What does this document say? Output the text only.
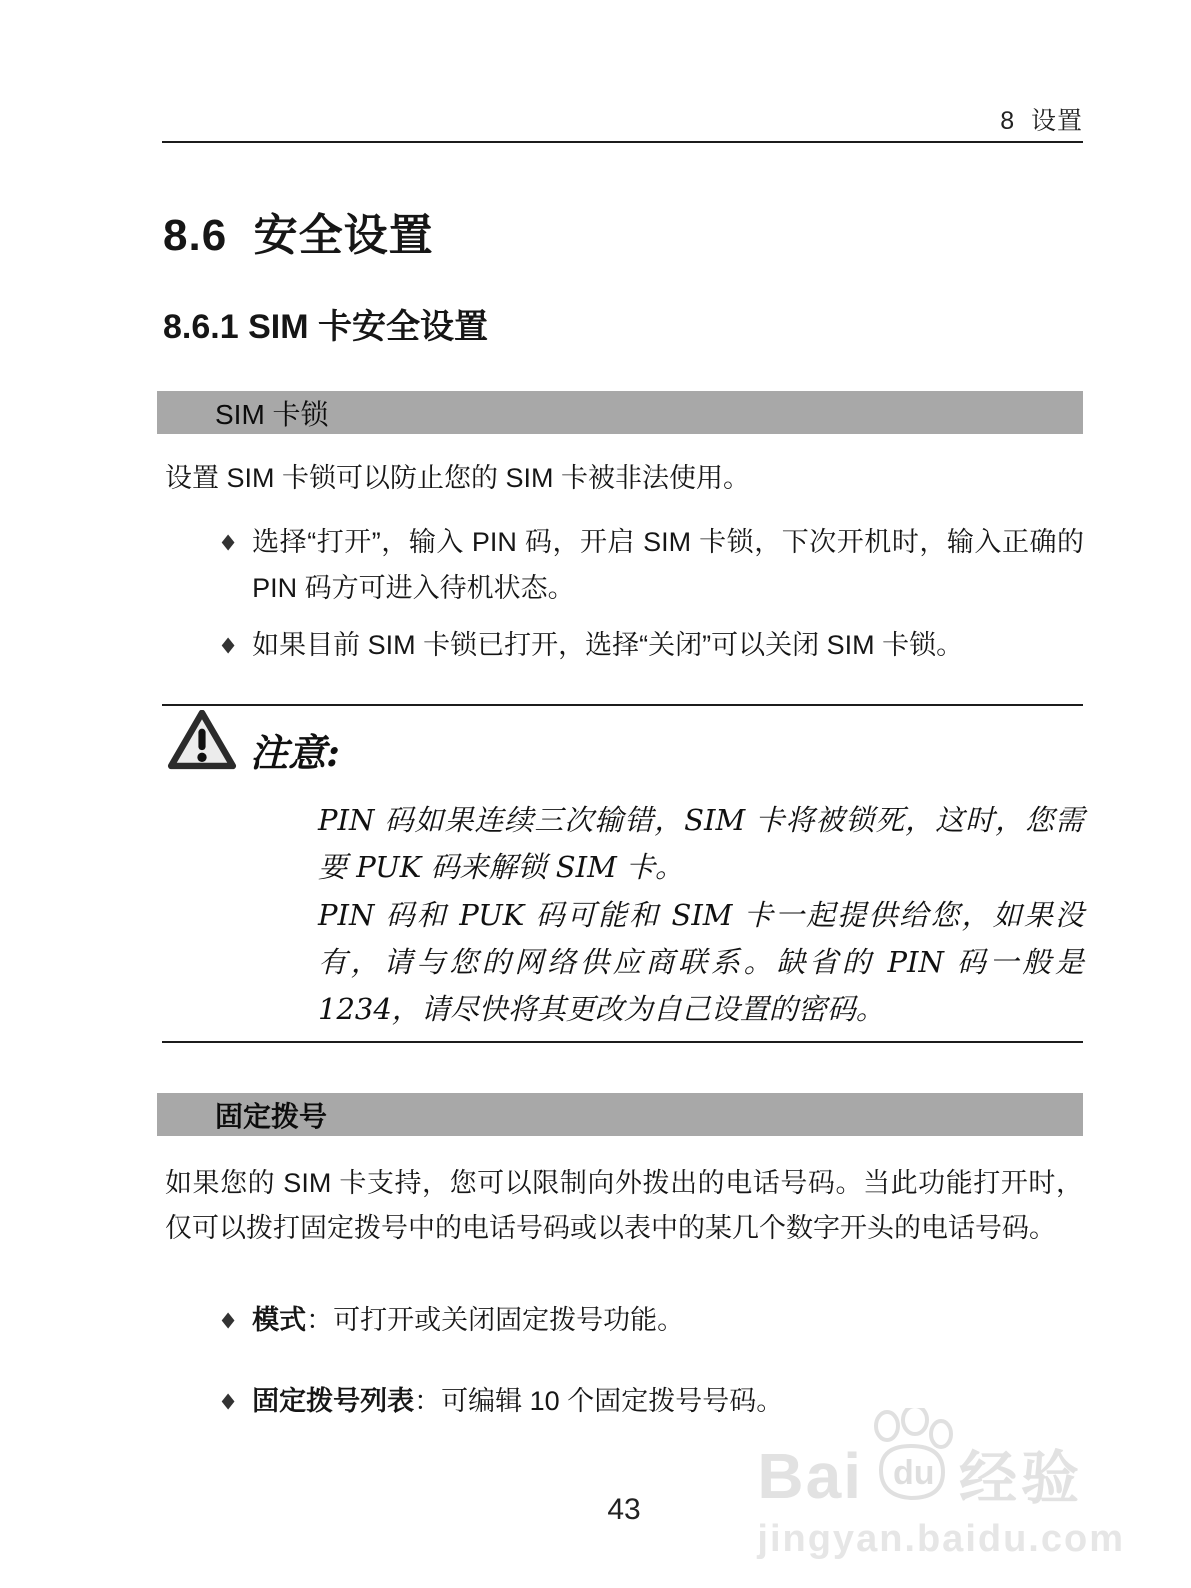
8  设置
8.6  安全设置
8.6.1 SIM 卡安全设置
SIM 卡锁
设置 SIM 卡锁可以防止您的 SIM 卡被非法使用。
◆ 选择“打开”，输入 PIN 码，开启 SIM 卡锁，下次开机时，输入正确的 PIN 码方可进入待机状态。
◆ 如果目前 SIM 卡锁已打开，选择“关闭”可以关闭 SIM 卡锁。
注意:
PIN 码如果连续三次输错，SIM 卡将被锁死，这时，您需要 PUK 码来解锁 SIM 卡。
PIN 码和 PUK 码可能和 SIM 卡一起提供给您，如果没有，请与您的网络供应商联系。缺省的 PIN 码一般是 1234，请尽快将其更改为自己设置的密码。
固定拨号
如果您的 SIM 卡支持，您可以限制向外拨出的电话号码。当此功能打开时，仅可以拨打固定拨号中的电话号码或以表中的某几个数字开头的电话号码。
◆ 模式：可打开或关闭固定拨号功能。
◆ 固定拨号列表：可编辑 10 个固定拨号号码。
43	Bai du 经验
jingyan.baidu.com
